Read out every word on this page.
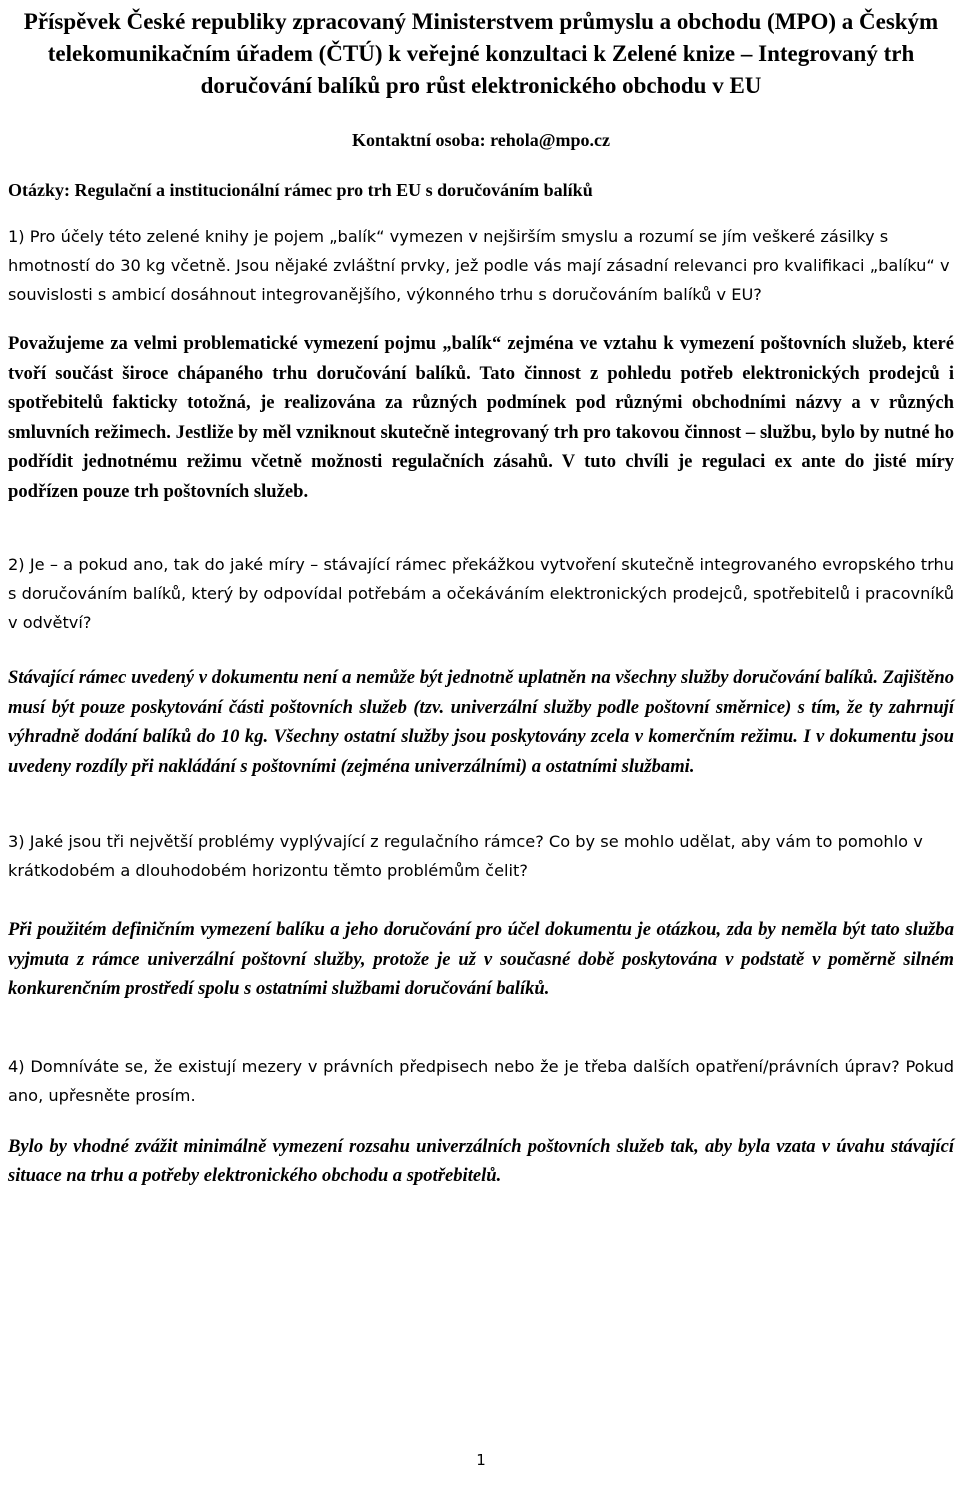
Příspěvek České republiky zpracovaný Ministerstvem průmyslu a obchodu (MPO) a Českým telekomunikačním úřadem (ČTÚ) k veřejné konzultaci k Zelené knize – Integrovaný trh doručování balíků pro růst elektronického obchodu v EU

Kontaktní osoba: rehola@mpo.cz

Otázky: Regulační a institucionální rámec pro trh EU s doručováním balíků

1) Pro účely této zelené knihy je pojem „balík“ vymezen v nejširším smyslu a rozumí se jím veškeré zásilky s hmotností do 30 kg včetně. Jsou nějaké zvláštní prvky, jež podle vás mají zásadní relevanci pro kvalifikaci „balíku“ v souvislosti s ambicí dosáhnout integrovanějšího, výkonného trhu s doručováním balíků v EU?

Považujeme za velmi problematické vymezení pojmu „balík“ zejména ve vztahu k vymezení poštovních služeb, které tvoří součást široce chápaného trhu doručování balíků. Tato činnost z pohledu potřeb elektronických prodejců i spotřebitelů fakticky totožná, je realizována za různých podmínek pod různými obchodními názvy a v různých smluvních režimech. Jestliže by měl vzniknout skutečně integrovaný trh pro takovou činnost – službu, bylo by nutné ho podřídit jednotnému režimu včetně možnosti regulačních zásahů. V tuto chvíli je regulaci ex ante do jisté míry podřízen pouze trh poštovních služeb.

2) Je – a pokud ano, tak do jaké míry – stávající rámec překážkou vytvoření skutečně integrovaného evropského trhu s doručováním balíků, který by odpovídal potřebám a očekáváním elektronických prodejců, spotřebitelů i pracovníků v odvětví?

Stávající rámec uvedený v dokumentu není a nemůže být jednotně uplatněn na všechny služby doručování balíků. Zajištěno musí být pouze poskytování části poštovních služeb (tzv. univerzální služby podle poštovní směrnice) s tím, že ty zahrnují výhradně dodání balíků do 10 kg. Všechny ostatní služby jsou poskytovány zcela v komerčním režimu. I v dokumentu jsou uvedeny rozdíly při nakládání s poštovními (zejména univerzálními) a ostatními službami.

3) Jaké jsou tři největší problémy vyplývající z regulačního rámce? Co by se mohlo udělat, aby vám to pomohlo v krátkodobém a dlouhodobém horizontu těmto problémům čelit?

Při použitém definičním vymezení balíku a jeho doručování pro účel dokumentu je otázkou, zda by neměla být tato služba vyjmuta z rámce univerzální poštovní služby, protože je už v současné době poskytována v podstatě v poměrně silném konkurenčním prostředí spolu s ostatními službami doručování balíků.

4) Domníváte se, že existují mezery v právních předpisech nebo že je třeba dalších opatření/právních úprav? Pokud ano, upřesněte prosím.

Bylo by vhodné zvážit minimálně vymezení rozsahu univerzálních poštovních služeb tak, aby byla vzata v úvahu stávající situace na trhu a potřeby elektronického obchodu a spotřebitelů.

1
